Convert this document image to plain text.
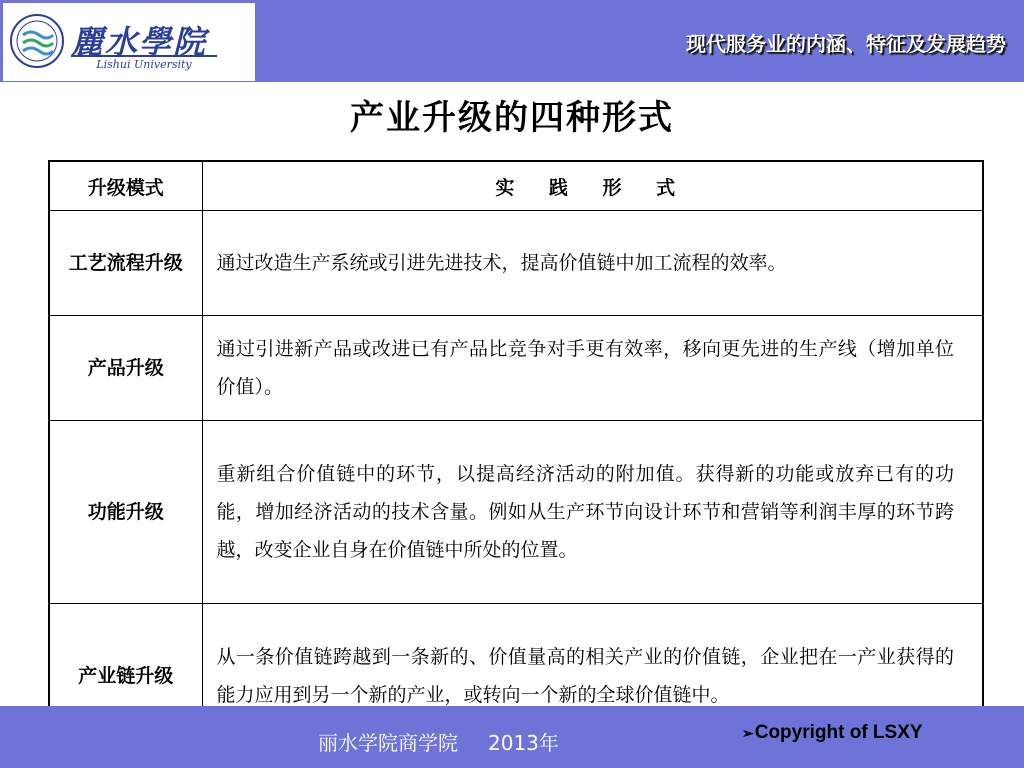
麗水學院
Lishui University
现代服务业的内涵、特征及发展趋势
产业升级的四种形式
升级模式	实 践 形 式
工艺流程升级	通过改造生产系统或引进先进技术，提高价值链中加工流程的效率。
产品升级	通过引进新产品或改进已有产品比竞争对手更有效率，移向更先进的生产线（增加单位价值）。
功能升级	重新组合价值链中的环节，以提高经济活动的附加值。获得新的功能或放弃已有的功能，增加经济活动的技术含量。例如从生产环节向设计环节和营销等利润丰厚的环节跨越，改变企业自身在价值链中所处的位置。
产业链升级	从一条价值链跨越到一条新的、价值量高的相关产业的价值链，企业把在一产业获得的能力应用到另一个新的产业，或转向一个新的全球价值链中。
丽水学院商学院 2013年	➢Copyright of LSXY
